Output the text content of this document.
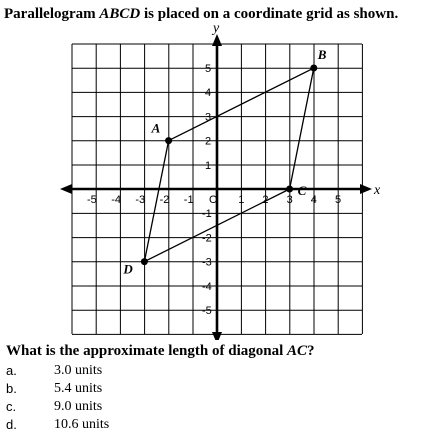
Parallelogram ABCD is placed on a coordinate grid as shown.
x
y
-5 -4 -3 -2 -1 O 1 2 3 4 5
5
4
3
2
1
-1
-2
-3
-4
-5
A
B
C
D
What is the approximate length of diagonal AC?
a.	3.0 units
b.	5.4 units
c.	9.0 units
d.	10.6 units
